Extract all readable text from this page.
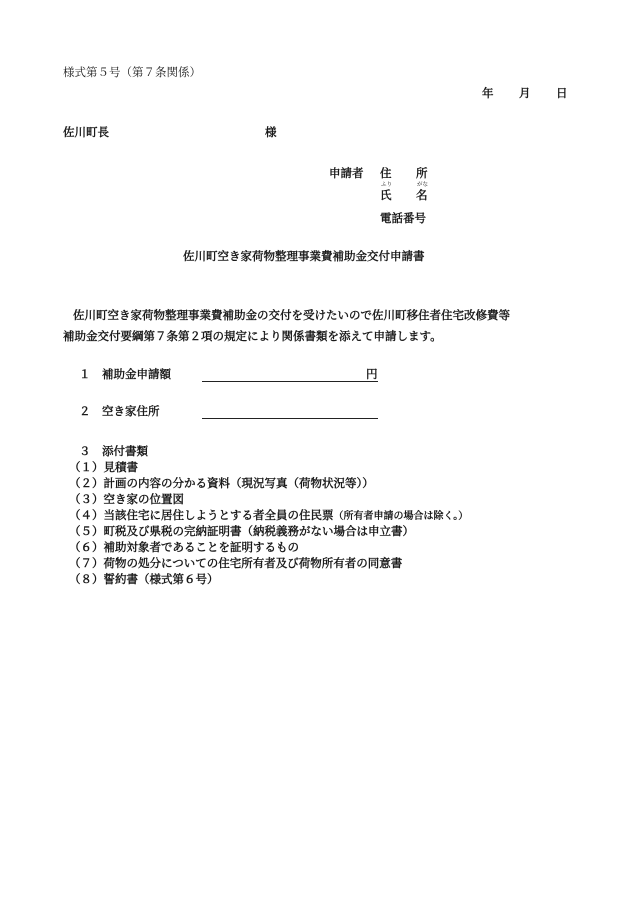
様式第５号（第７条関係）
年 月 日
佐川町長	様
申請者 住 所
ふり	がな
氏 名
電話番号
佐川町空き家荷物整理事業費補助金交付申請書
佐川町空き家荷物整理事業費補助金の交付を受けたいので佐川町移住者住宅改修費等
補助金交付要綱第７条第２項の規定により関係書類を添えて申請します。
１　補助金申請額	円
２　空き家住所
３　添付書類
（１）見積書
（２）計画の内容の分かる資料（現況写真（荷物状況等））
（３）空き家の位置図
（４）当該住宅に居住しようとする者全員の住民票（所有者申請の場合は除く。）
（５）町税及び県税の完納証明書（納税義務がない場合は申立書）
（６）補助対象者であることを証明するもの
（７）荷物の処分についての住宅所有者及び荷物所有者の同意書
（８）誓約書（様式第６号）
